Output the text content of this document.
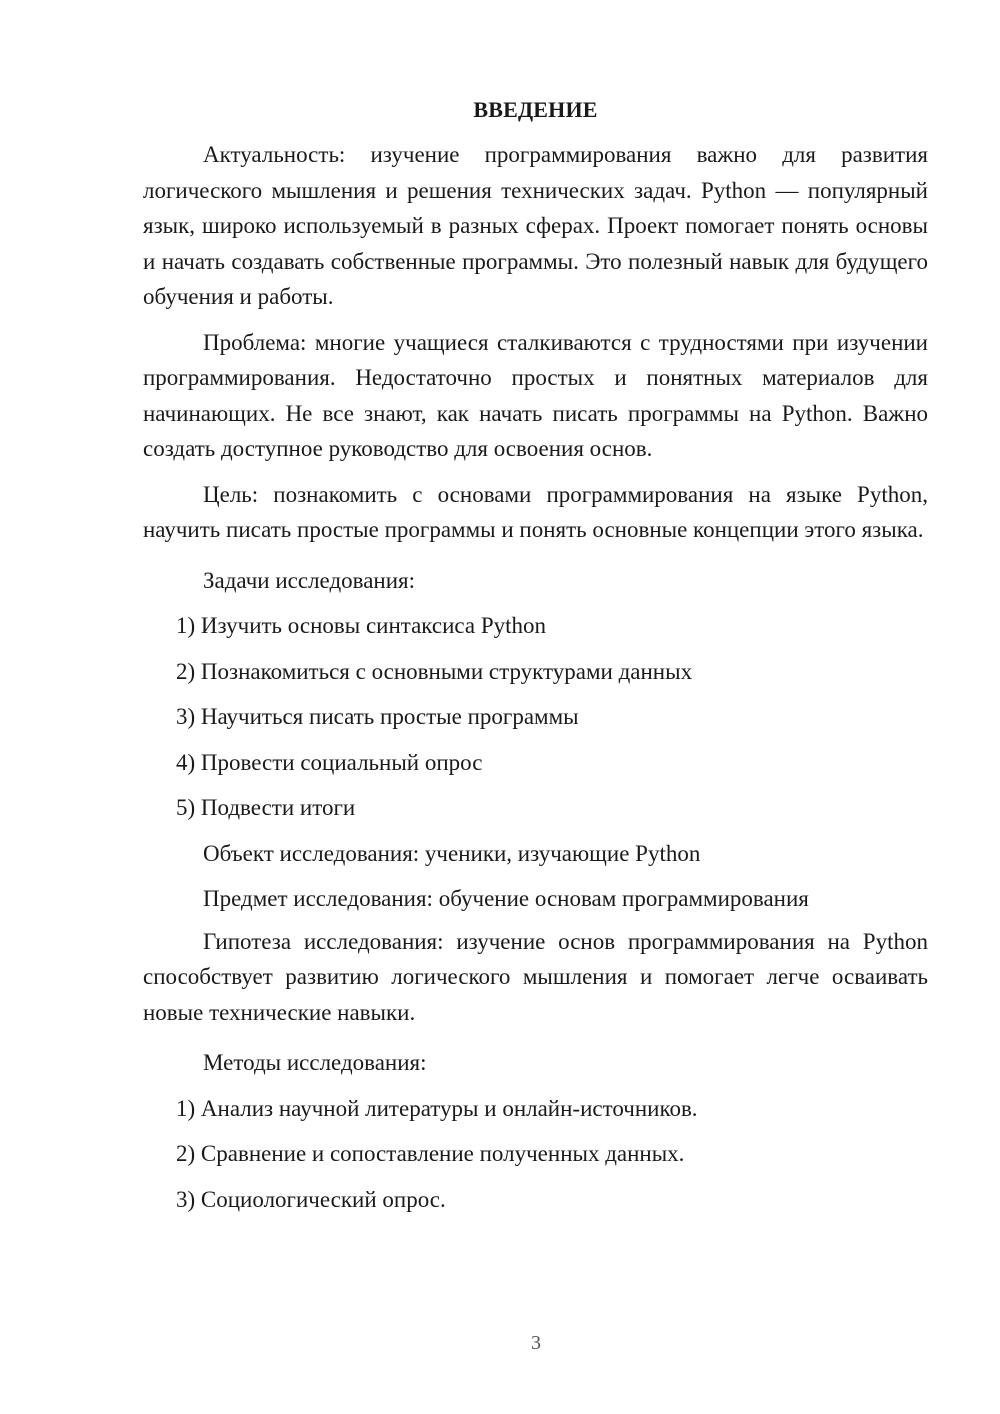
ВВЕДЕНИЕ

Актуальность: изучение программирования важно для развития логического мышления и решения технических задач. Python — популярный язык, широко используемый в разных сферах. Проект помогает понять основы и начать создавать собственные программы. Это полезный навык для будущего обучения и работы.

Проблема: многие учащиеся сталкиваются с трудностями при изучении программирования. Недостаточно простых и понятных материалов для начинающих. Не все знают, как начать писать программы на Python. Важно создать доступное руководство для освоения основ.

Цель: познакомить с основами программирования на языке Python, научить писать простые программы и понять основные концепции этого языка.

Задачи исследования:

1) Изучить основы синтаксиса Python

2) Познакомиться с основными структурами данных

3) Научиться писать простые программы

4) Провести социальный опрос

5) Подвести итоги

Объект исследования: ученики, изучающие Python

Предмет исследования: обучение основам программирования

Гипотеза исследования: изучение основ программирования на Python способствует развитию логического мышления и помогает легче осваивать новые технические навыки.

Методы исследования:

1) Анализ научной литературы и онлайн-источников.

2) Сравнение и сопоставление полученных данных.

3) Социологический опрос.

3
